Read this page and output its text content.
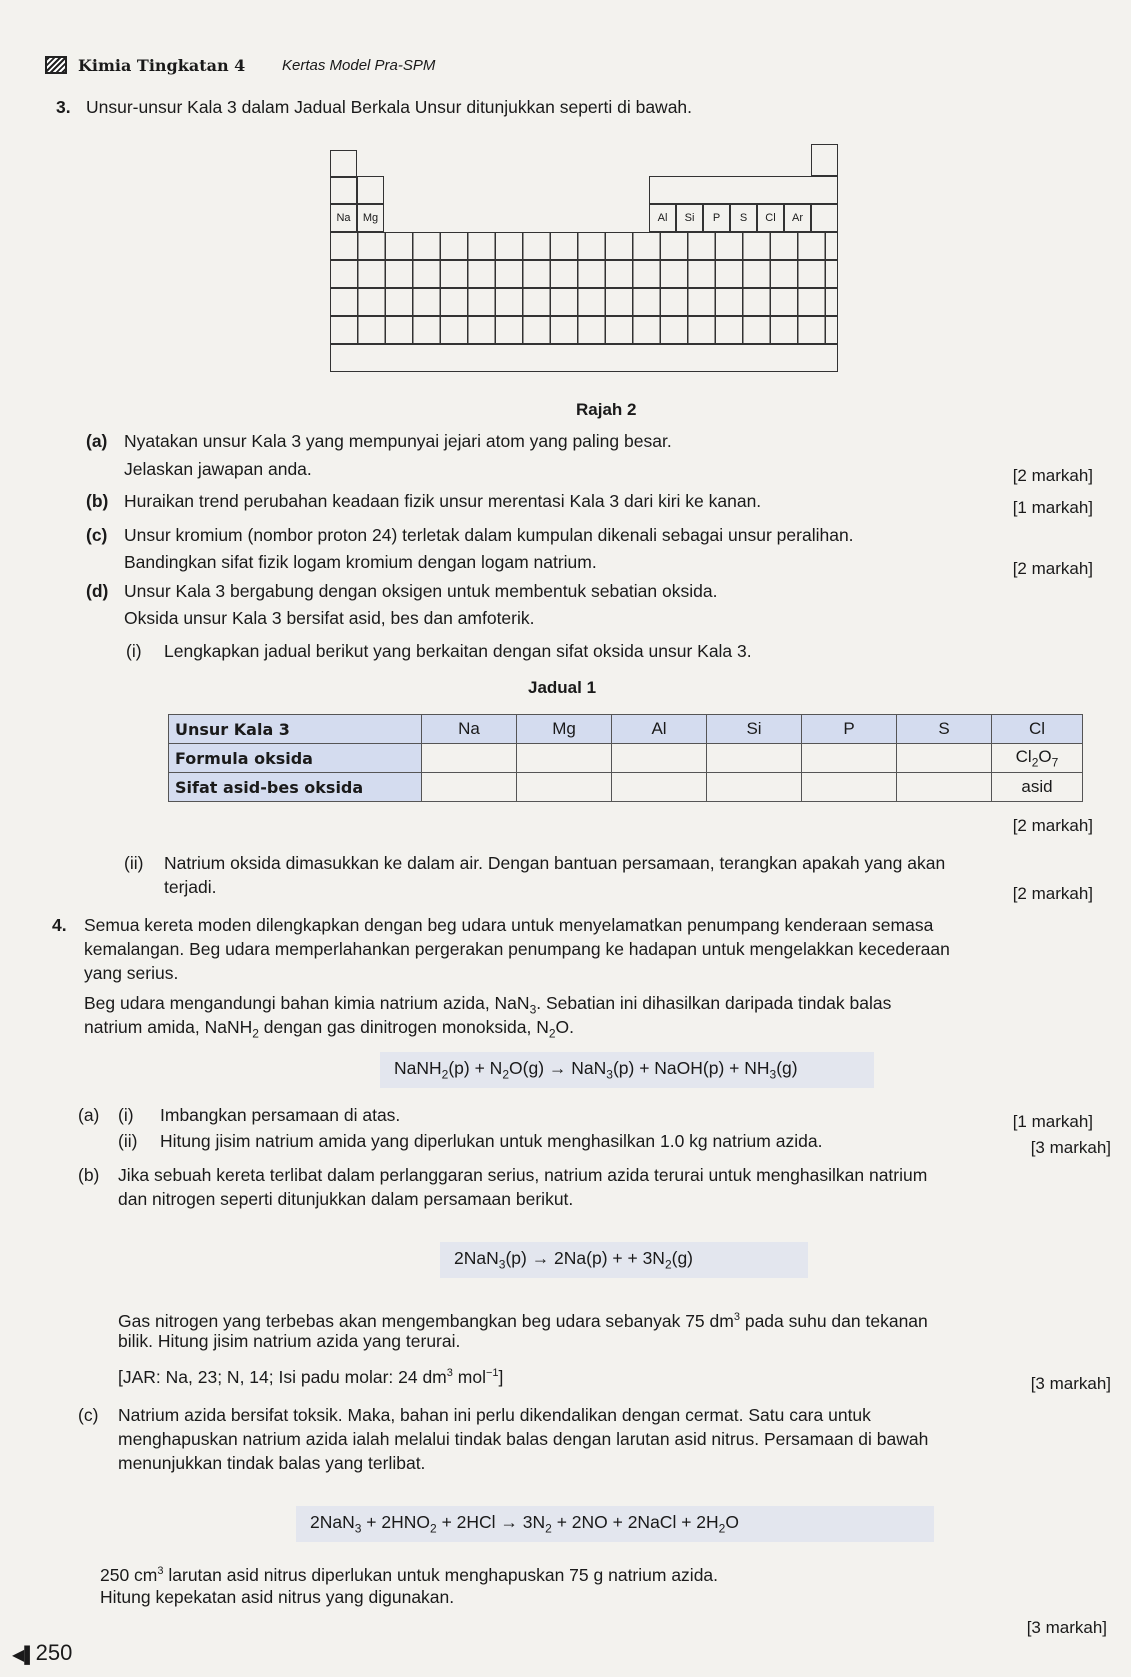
Kimia Tingkatan 4 Kertas Model Pra-SPM
3. Unsur-unsur Kala 3 dalam Jadual Berkala Unsur ditunjukkan seperti di bawah.
Na	Mg	Al	Si	P	S	Cl	Ar
Rajah 2
(a) Nyatakan unsur Kala 3 yang mempunyai jejari atom yang paling besar.
Jelaskan jawapan anda.	[2 markah]
(b) Huraikan trend perubahan keadaan fizik unsur merentasi Kala 3 dari kiri ke kanan.	[1 markah]
(c) Unsur kromium (nombor proton 24) terletak dalam kumpulan dikenali sebagai unsur peralihan.
Bandingkan sifat fizik logam kromium dengan logam natrium.	[2 markah]
(d) Unsur Kala 3 bergabung dengan oksigen untuk membentuk sebatian oksida.
Oksida unsur Kala 3 bersifat asid, bes dan amfoterik.
(i) Lengkapkan jadual berikut yang berkaitan dengan sifat oksida unsur Kala 3.
Jadual 1
Unsur Kala 3	Na	Mg	Al	Si	P	S	Cl
Formula oksida							$Cl_2O_7$
Sifat asid-bes oksida							asid
[2 markah]
(ii) Natrium oksida dimasukkan ke dalam air. Dengan bantuan persamaan, terangkan apakah yang akan
terjadi.	[2 markah]
4. Semua kereta moden dilengkapkan dengan beg udara untuk menyelamatkan penumpang kenderaan semasa
kemalangan. Beg udara memperlahankan pergerakan penumpang ke hadapan untuk mengelakkan kecederaan
yang serius.
Beg udara mengandungi bahan kimia natrium azida, NaN$_3$. Sebatian ini dihasilkan daripada tindak balas
natrium amida, NaNH$_2$ dengan gas dinitrogen monoksida, $N_2O$.
NaNH$_2$(p) + $N_2O(g) \to NaN_3(p)$ + NaOH(p) + $NH_3(g)$
(a) (i) Imbangkan persamaan di atas.	[1 markah]
(ii) Hitung jisim natrium amida yang diperlukan untuk menghasilkan 1.0 kg natrium azida.	[3 markah]
(b) Jika sebuah kereta terlibat dalam perlanggaran serius, natrium azida terurai untuk menghasilkan natrium
dan nitrogen seperti ditunjukkan dalam persamaan berikut.
2NaN$_3$(p) → 2Na(p) + + $3N_2(g)$
Gas nitrogen yang terbebas akan mengembangkan beg udara sebanyak 75 $dm^3$ pada suhu dan tekanan
bilik. Hitung jisim natrium azida yang terurai.
[JAR: Na, 23; N, 14; Isi padu molar: 24 $dm^3$ mol$^{-1}$]	[3 markah]
(c) Natrium azida bersifat toksik. Maka, bahan ini perlu dikendalikan dengan cermat. Satu cara untuk
menghapuskan natrium azida ialah melalui tindak balas dengan larutan asid nitrus. Persamaan di bawah
menunjukkan tindak balas yang terlibat.
$2NaN_3 + 2HNO_2 + 2HCl \to 3N_2 + 2NO$ + 2NaCl + $2H_2O$
250 $cm^3$ larutan asid nitrus diperlukan untuk menghapuskan 75 g natrium azida.
Hitung kepekatan asid nitrus yang digunakan.
[3 markah]
◀▌250
